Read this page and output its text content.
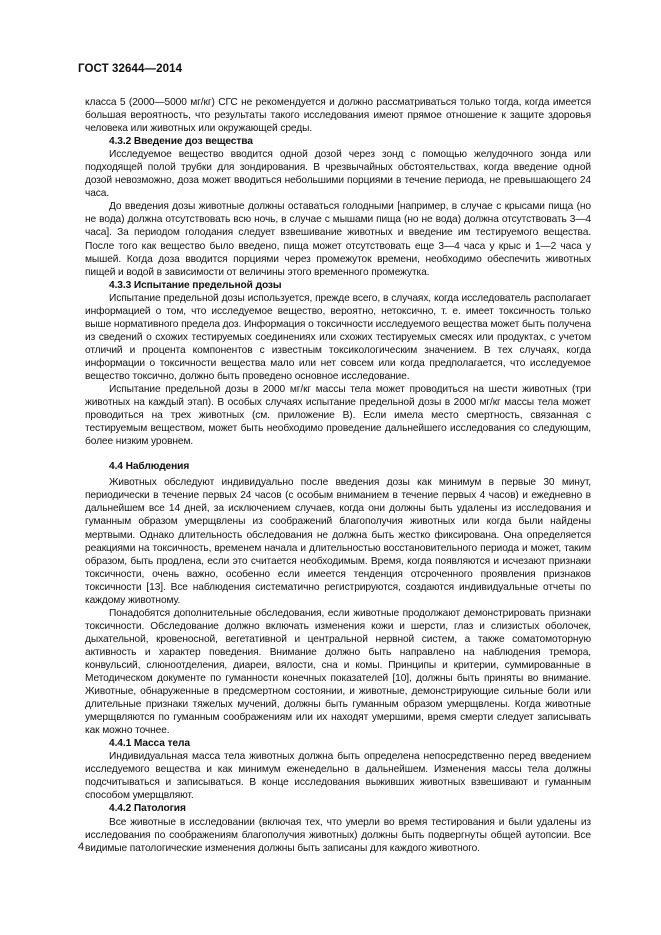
ГОСТ 32644—2014

класса 5 (2000—5000 мг/кг) СГС не рекомендуется и должно рассматриваться только тогда, когда имеется большая вероятность, что результаты такого исследования имеют прямое отношение к защите здоровья человека или животных или окружающей среды.

4.3.2 Введение доз вещества

Исследуемое вещество вводится одной дозой через зонд с помощью желудочного зонда или подходящей полой трубки для зондирования. В чрезвычайных обстоятельствах, когда введение одной дозой невозможно, доза может вводиться небольшими порциями в течение периода, не превышающего 24 часа.

До введения дозы животные должны оставаться голодными [например, в случае с крысами пища (но не вода) должна отсутствовать всю ночь, в случае с мышами пища (но не вода) должна отсутствовать 3—4 часа]. За периодом голодания следует взвешивание животных и введение им тестируемого вещества. После того как вещество было введено, пища может отсутствовать еще 3—4 часа у крыс и 1—2 часа у мышей. Когда доза вводится порциями через промежуток времени, необходимо обеспечить животных пищей и водой в зависимости от величины этого временного промежутка.

4.3.3 Испытание предельной дозы

Испытание предельной дозы используется, прежде всего, в случаях, когда исследователь располагает информацией о том, что исследуемое вещество, вероятно, нетоксично, т. е. имеет токсичность только выше нормативного предела доз. Информация о токсичности исследуемого вещества может быть получена из сведений о схожих тестируемых соединениях или схожих тестируемых смесях или продуктах, с учетом отличий и процента компонентов с известным токсикологическим значением. В тех случаях, когда информации о токсичности вещества мало или нет совсем или когда предполагается, что исследуемое вещество токсично, должно быть проведено основное исследование.

Испытание предельной дозы в 2000 мг/кг массы тела может проводиться на шести животных (три животных на каждый этап). В особых случаях испытание предельной дозы в 2000 мг/кг массы тела может проводиться на трех животных (см. приложение В). Если имела место смертность, связанная с тестируемым веществом, может быть необходимо проведение дальнейшего исследования со следующим, более низким уровнем.

4.4 Наблюдения

Животных обследуют индивидуально после введения дозы как минимум в первые 30 минут, периодически в течение первых 24 часов (с особым вниманием в течение первых 4 часов) и ежедневно в дальнейшем все 14 дней, за исключением случаев, когда они должны быть удалены из исследования и гуманным образом умерщвлены из соображений благополучия животных или когда были найдены мертвыми. Однако длительность обследования не должна быть жестко фиксирована. Она определяется реакциями на токсичность, временем начала и длительностью восстановительного периода и может, таким образом, быть продлена, если это считается необходимым. Время, когда появляются и исчезают признаки токсичности, очень важно, особенно если имеется тенденция отсроченного проявления признаков токсичности [13]. Все наблюдения систематично регистрируются, создаются индивидуальные отчеты по каждому животному.

Понадобятся дополнительные обследования, если животные продолжают демонстрировать признаки токсичности. Обследование должно включать изменения кожи и шерсти, глаз и слизистых оболочек, дыхательной, кровеносной, вегетативной и центральной нервной систем, а также соматомоторную активность и характер поведения. Внимание должно быть направлено на наблюдения тремора, конвульсий, слюноотделения, диареи, вялости, сна и комы. Принципы и критерии, суммированные в Методическом документе по гуманности конечных показателей [10], должны быть приняты во внимание. Животные, обнаруженные в предсмертном состоянии, и животные, демонстрирующие сильные боли или длительные признаки тяжелых мучений, должны быть гуманным образом умерщвлены. Когда животные умерщвляются по гуманным соображениям или их находят умершими, время смерти следует записывать как можно точнее.

4.4.1 Масса тела

Индивидуальная масса тела животных должна быть определена непосредственно перед введением исследуемого вещества и как минимум еженедельно в дальнейшем. Изменения массы тела должны подсчитываться и записываться. В конце исследования выживших животных взвешивают и гуманным способом умерщвляют.

4.4.2 Патология

Все животные в исследовании (включая тех, что умерли во время тестирования и были удалены из исследования по соображениям благополучия животных) должны быть подвергнуты общей аутопсии. Все видимые патологические изменения должны быть записаны для каждого животного.

4
